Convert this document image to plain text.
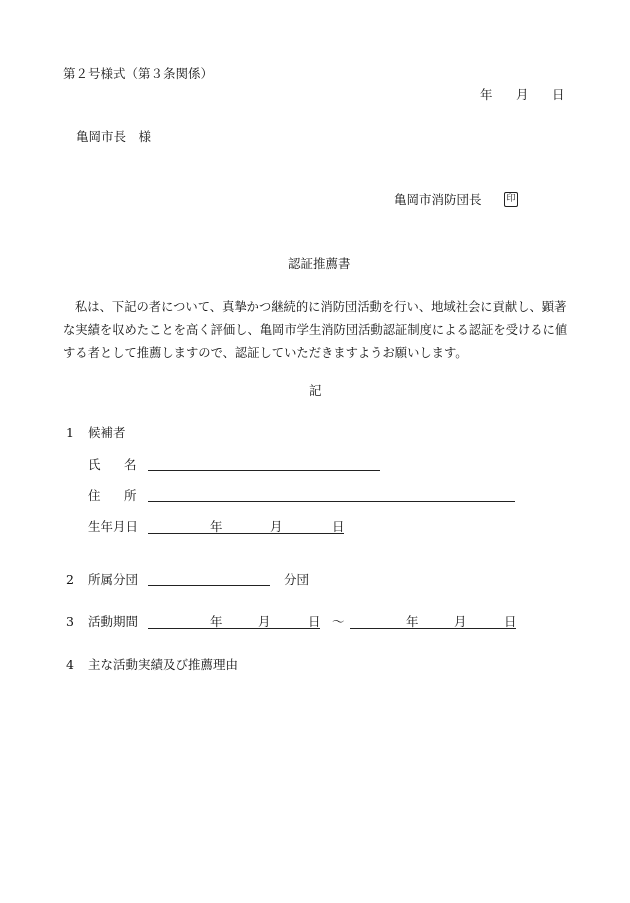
第２号様式（第３条関係）
年 月 日
亀岡市長　様
亀岡市消防団長	印
認証推薦書
私は、下記の者について、真摯かつ継続的に消防団活動を行い、地域社会に貢献し、顕著
な実績を収めたことを高く評価し、亀岡市学生消防団活動認証制度による認証を受けるに値
する者として推薦しますので、認証していただきますようお願いします。
記
1 候補者
氏 名
住 所
生年月日	年	月	日
2 所属分団	分団
3 活動期間	年	月	日 ～	年	月	日
4 主な活動実績及び推薦理由
